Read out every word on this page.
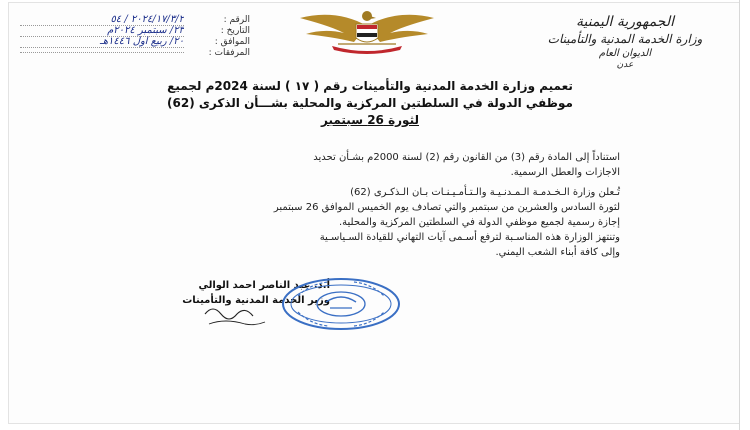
الرقم :
٢٠٢٤/١٧/٣/٢ / ٥٤
التاريخ :
٢٣/ سبتمبر ٢٠٢٤م
الموافق :
٢٠/ ربيع أول ١٤٤٦هـ
المرفقات :
الجمهورية اليمنية
وزارة الخدمة المدنية والتأمينات
الديوان العام
عدن
تعميم وزارة الخدمة المدنية والتأمينات رقم ( ١٧ ) لسنة 2024م لجميع
موظفي الدولة في السلطتين المركزية والمحلية بشـــأن الذكرى (62)
لثورة 26 سبتمبر

استناداً إلى المادة رقم (3) من القانون رقم (2) لسنة 2000م بشـأن تحديد

الاجازات والعطل الرسمية.

تُـعلن وزارة الـخـدمـة الـمـدنـيـة والـتـأمـيـنـات بـان الـذكـرى (62)

لثورة السادس والعشرين من سبتمبر والتي تصادف يوم الخميس الموافق 26 سبتمبر

إجازة رسمية لجميع موظفي الدولة في السلطتين المركزية والمحلية.

وتنتهز الوزارة هذه المناسـبة لترفع أسـمى آيات التهاني للقيادة السـياسـية

وإلى كافة أبناء الشعب اليمني.

أ.د. عبد الناصر احمد الوالي
وزير الخدمة المدنية والتأمينات
